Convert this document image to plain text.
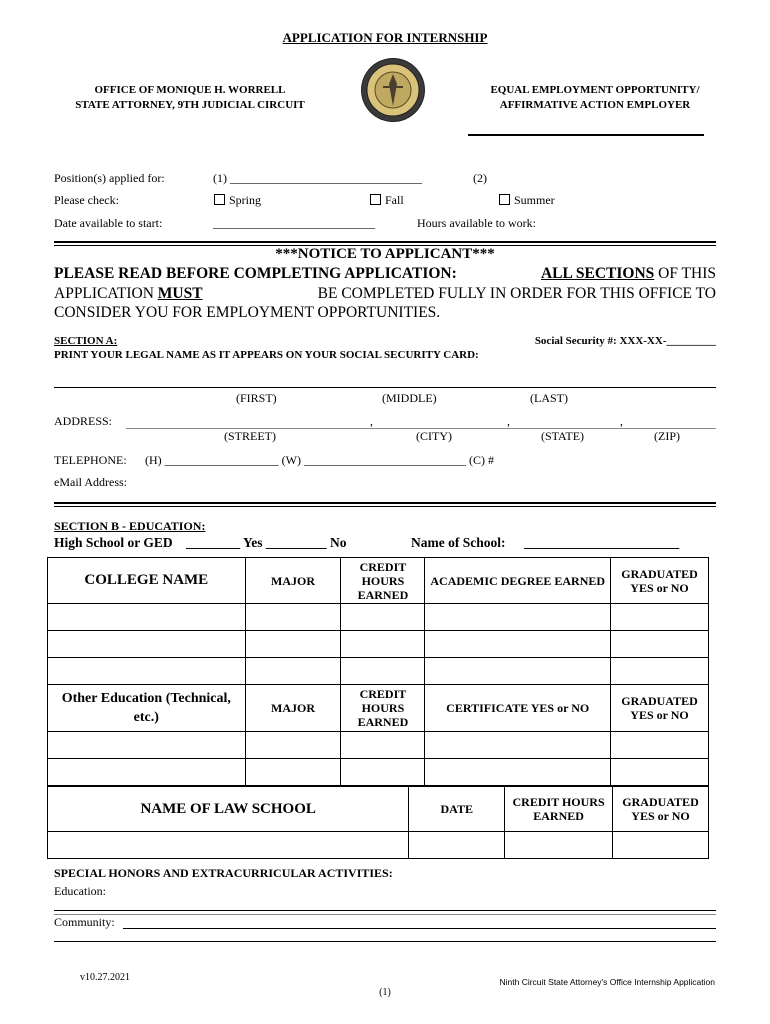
APPLICATION FOR INTERNSHIP
OFFICE OF MONIQUE H. WORRELL
STATE ATTORNEY, 9TH JUDICIAL CIRCUIT
EQUAL EMPLOYMENT OPPORTUNITY/
AFFIRMATIVE ACTION EMPLOYER
Position(s) applied for:	(1) ________________________________	(2)
Please check:	Spring	Fall	Summer
Date available to start:	___________________________	Hours available to work:
***NOTICE TO APPLICANT***
PLEASE READ BEFORE COMPLETING APPLICATION:	ALL SECTIONS OF THIS
APPLICATION MUST	BE COMPLETED FULLY IN ORDER FOR THIS OFFICE TO
CONSIDER YOU FOR EMPLOYMENT OPPORTUNITIES.
SECTION A:	Social Security #: XXX-XX-_________
PRINT YOUR LEGAL NAME AS IT APPEARS ON YOUR SOCIAL SECURITY CARD:
(FIRST)	(MIDDLE)	(LAST)
ADDRESS:	,	,	,
(STREET)	(CITY)	(STATE)	(ZIP)
TELEPHONE: (H) ___________________ (W) ___________________________ (C) #
eMail Address:
SECTION B - EDUCATION:
High School or GED    ________ Yes _________ No	Name of School: _______________________
COLLEGE NAME	MAJOR	CREDIT HOURS EARNED	ACADEMIC DEGREE EARNED	GRADUATED YES or NO

Other Education (Technical, etc.)	MAJOR	CREDIT HOURS EARNED	CERTIFICATE YES or NO	GRADUATED YES or NO

NAME OF LAW SCHOOL	DATE	CREDIT HOURS EARNED	GRADUATED YES or NO

SPECIAL HONORS AND EXTRACURRICULAR ACTIVITIES:
Education:
Community:
v10.27.2021
(1)
Ninth Circuit State Attorney's Office Internship Application
